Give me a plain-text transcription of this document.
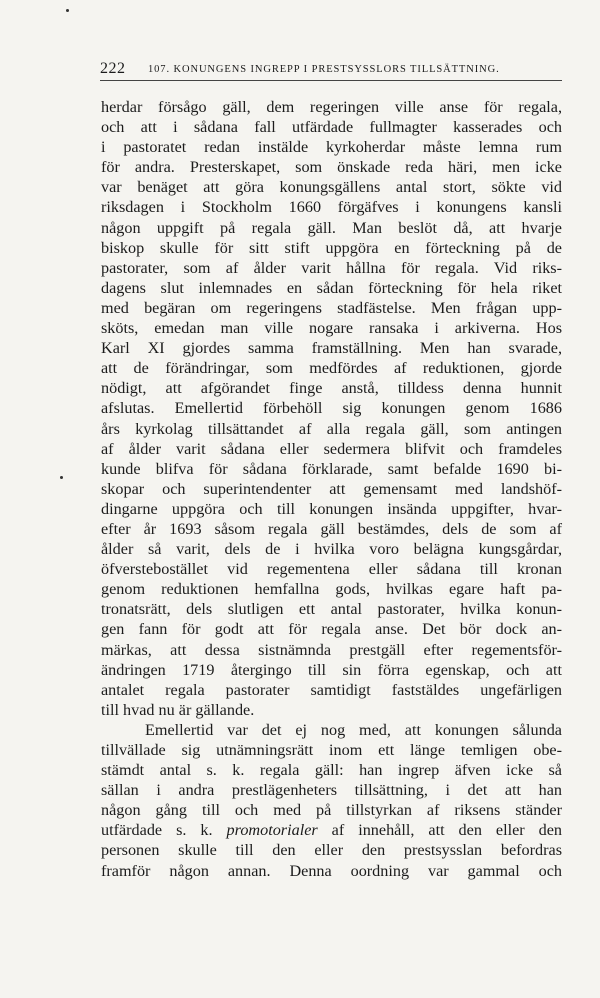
222 107. KONUNGENS INGREPP I PRESTSYSSLORS TILLSÄTTNING.
herdar försågo gäll, dem regeringen ville anse för regala,
och att i sådana fall utfärdade fullmagter kasserades och
i pastoratet redan instälde kyrkoherdar måste lemna rum
för andra. Presterskapet, som önskade reda häri, men icke
var benäget att göra konungsgällens antal stort, sökte vid
riksdagen i Stockholm 1660 förgäfves i konungens kansli
någon uppgift på regala gäll. Man beslöt då, att hvarje
biskop skulle för sitt stift uppgöra en förteckning på de
pastorater, som af ålder varit hållna för regala. Vid riks-
dagens slut inlemnades en sådan förteckning för hela riket
med begäran om regeringens stadfästelse. Men frågan upp-
sköts, emedan man ville nogare ransaka i arkiverna. Hos
Karl XI gjordes samma framställning. Men han svarade,
att de förändringar, som medfördes af reduktionen, gjorde
nödigt, att afgörandet finge anstå, tilldess denna hunnit
afslutas. Emellertid förbehöll sig konungen genom 1686
års kyrkolag tillsättandet af alla regala gäll, som antingen
af ålder varit sådana eller sedermera blifvit och framdeles
kunde blifva för sådana förklarade, samt befalde 1690 bi-
skopar och superintendenter att gemensamt med landshöf-
dingarne uppgöra och till konungen insända uppgifter, hvar-
efter år 1693 såsom regala gäll bestämdes, dels de som af
ålder så varit, dels de i hvilka voro belägna kungsgårdar,
öfverstebostället vid regementena eller sådana till kronan
genom reduktionen hemfallna gods, hvilkas egare haft pa-
tronatsrätt, dels slutligen ett antal pastorater, hvilka konun-
gen fann för godt att för regala anse. Det bör dock an-
märkas, att dessa sistnämnda prestgäll efter regementsför-
ändringen 1719 återgingo till sin förra egenskap, och att
antalet regala pastorater samtidigt faststäldes ungefärligen
till hvad nu är gällande.
Emellertid var det ej nog med, att konungen sålunda
tillvällade sig utnämningsrätt inom ett länge temligen obe-
stämdt antal s. k. regala gäll: han ingrep äfven icke så
sällan i andra prestlägenheters tillsättning, i det att han
någon gång till och med på tillstyrkan af riksens ständer
utfärdade s. k. promotorialer af innehåll, att den eller den
personen skulle till den eller den prestsysslan befordras
framför någon annan. Denna oordning var gammal och
